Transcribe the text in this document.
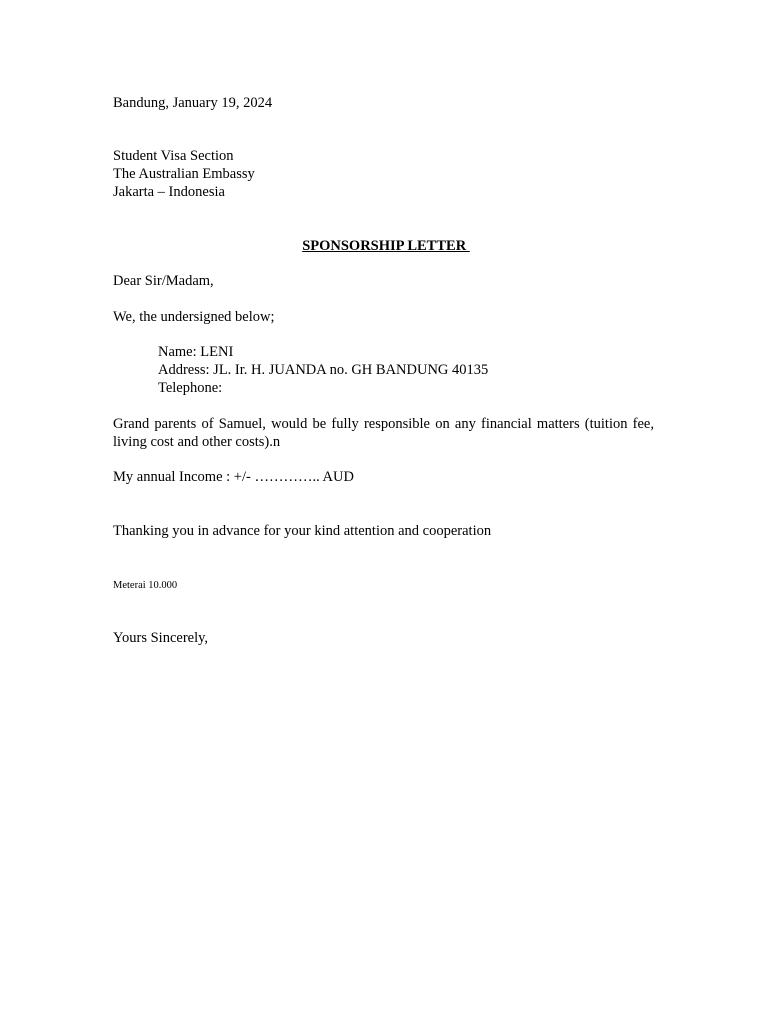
Bandung, January 19, 2024
Student Visa Section
The Australian Embassy
Jakarta – Indonesia
SPONSORSHIP LETTER
Dear Sir/Madam,
We, the undersigned below;
Name: LENI
Address: JL. Ir. H. JUANDA no. GH BANDUNG 40135
Telephone:
Grand parents of Samuel, would be fully responsible on any financial matters (tuition fee, living cost and other costs).n
My annual Income : +/- ………….. AUD
Thanking you in advance for your kind attention and cooperation
Meterai 10.000
Yours Sincerely,
